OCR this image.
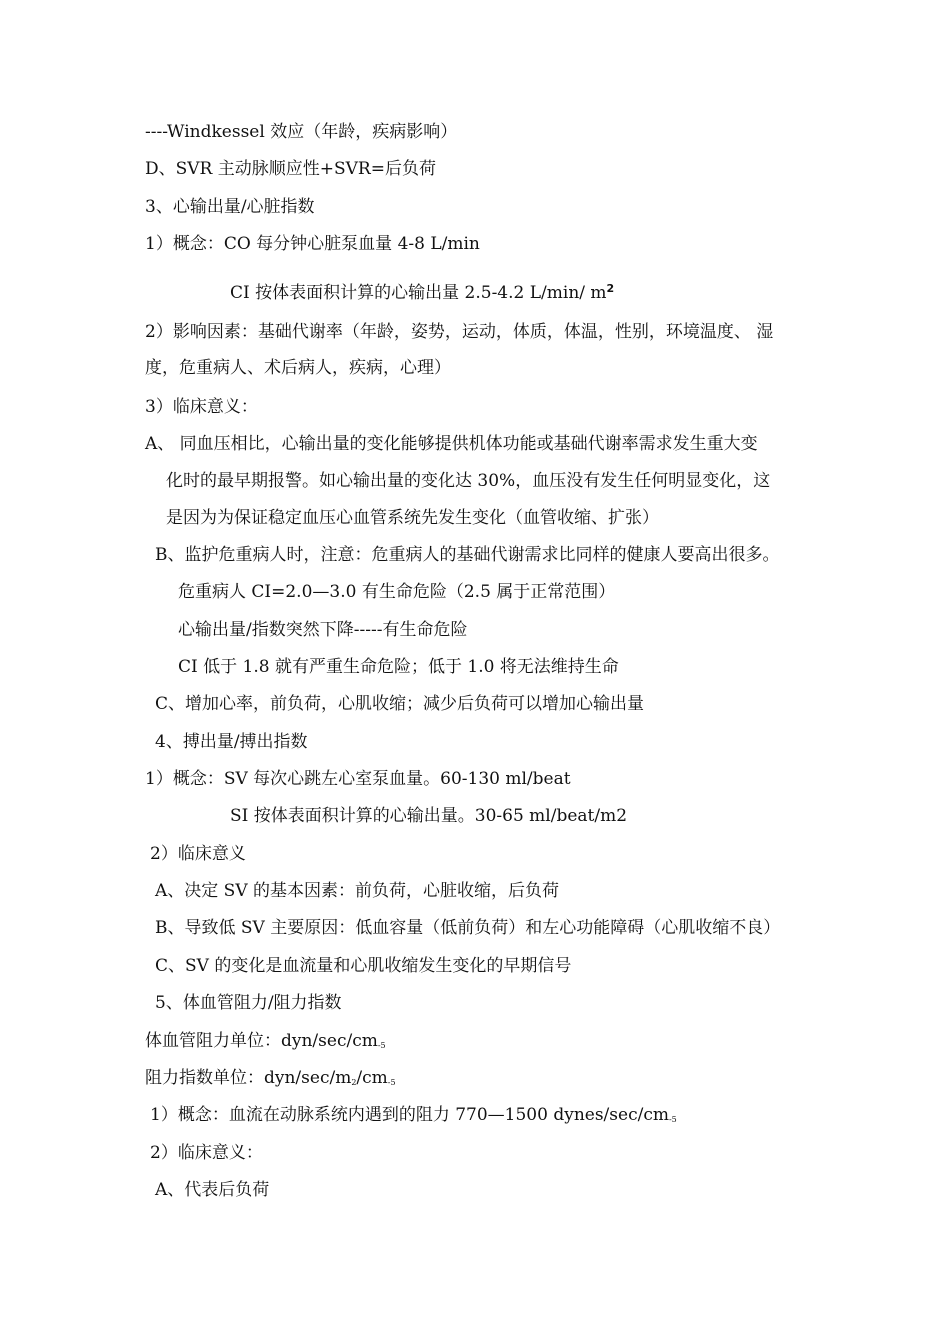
----Windkessel 效应（年龄，疾病影响）
D、SVR 主动脉顺应性+SVR=后负荷
3、心输出量/心脏指数
1）概念：CO 每分钟心脏泵血量 4-8 L/min
CI 按体表面积计算的心输出量 2.5-4.2 L/min/ $m^2$
2）影响因素：基础代谢率（年龄，姿势，运动，体质，体温，性别，环境温度、 湿
度，危重病人、术后病人，疾病，心理）
3）临床意义：
A、 同血压相比，心输出量的变化能够提供机体功能或基础代谢率需求发生重大变
化时的最早期报警。如心输出量的变化达 30%，血压没有发生任何明显变化，这
是因为为保证稳定血压心血管系统先发生变化（血管收缩、扩张）
B、监护危重病人时，注意：危重病人的基础代谢需求比同样的健康人要高出很多。
危重病人 CI=2.0—3.0 有生命危险（2.5 属于正常范围）
心输出量/指数突然下降-----有生命危险
CI 低于 1.8 就有严重生命危险；低于 1.0 将无法维持生命
C、增加心率，前负荷，心肌收缩；减少后负荷可以增加心输出量
4、搏出量/搏出指数
1）概念：SV 每次心跳左心室泵血量。60-130 ml/beat
SI 按体表面积计算的心输出量。30-65 ml/beat/m2
2）临床意义
A、决定 SV 的基本因素：前负荷，心脏收缩，后负荷
B、导致低 SV 主要原因：低血容量（低前负荷）和左心功能障碍（心肌收缩不良）
C、SV 的变化是血流量和心肌收缩发生变化的早期信号
5、体血管阻力/阻力指数
体血管阻力单位：dyn/$\sec/cm_{-5}$
阻力指数单位：dyn/$\sec/m_2/cm_{-5}$
1）概念：血流在动脉系统内遇到的阻力 770—1500 dynes/$\sec/cm_{-5}$
2）临床意义：
A、代表后负荷
